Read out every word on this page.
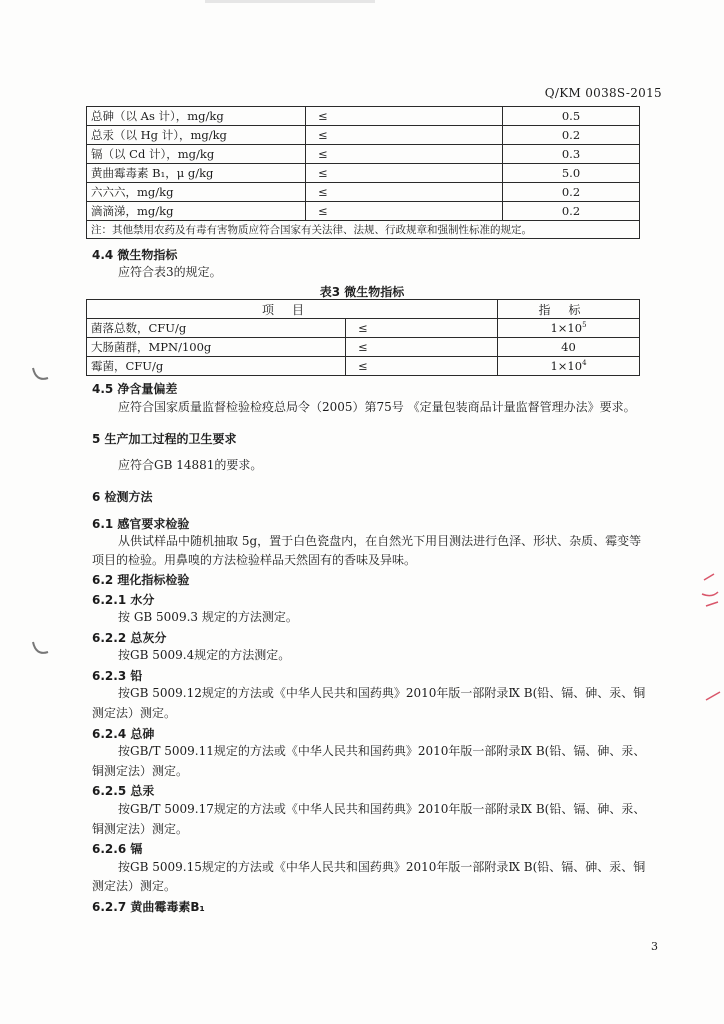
Q/KM 0038S-2015
总砷（以 As 计），mg/kg	≤	0.5
总汞（以 Hg 计），mg/kg	≤	0.2
镉（以 Cd 计），mg/kg	≤	0.3
黄曲霉毒素 B₁，μ g/kg	≤	5.0
六六六，mg/kg	≤	0.2
滴滴涕，mg/kg	≤	0.2
注：其他禁用农药及有毒有害物质应符合国家有关法律、法规、行政规章和强制性标准的规定。		
4.4 微生物指标
应符合表3的规定。
表3 微生物指标
项目		指标
菌落总数，CFU/g	≤	$1\times 10^5$
大肠菌群，MPN/100g	≤	40
霉菌，CFU/g	≤	$1\times 10^4$
4.5 净含量偏差
应符合国家质量监督检验检疫总局令（2005）第75号 《定量包装商品计量监督管理办法》要求。
5 生产加工过程的卫生要求
应符合GB 14881的要求。
6 检测方法
6.1 感官要求检验
从供试样品中随机抽取 5g，置于白色瓷盘内，在自然光下用目测法进行色泽、形状、杂质、霉变等
项目的检验。用鼻嗅的方法检验样品天然固有的香味及异味。
6.2 理化指标检验
6.2.1 水分
按 GB 5009.3 规定的方法测定。
6.2.2 总灰分
按GB 5009.4规定的方法测定。
6.2.3 铅
按GB 5009.12规定的方法或《中华人民共和国药典》2010年版一部附录Ⅸ B(铅、镉、砷、汞、铜
测定法）测定。
6.2.4 总砷
按GB/T 5009.11规定的方法或《中华人民共和国药典》2010年版一部附录Ⅸ B(铅、镉、砷、汞、
铜测定法）测定。
6.2.5 总汞
按GB/T 5009.17规定的方法或《中华人民共和国药典》2010年版一部附录Ⅸ B(铅、镉、砷、汞、
铜测定法）测定。
6.2.6 镉
按GB 5009.15规定的方法或《中华人民共和国药典》2010年版一部附录Ⅸ B(铅、镉、砷、汞、铜
测定法）测定。
6.2.7 黄曲霉毒素B₁
3
